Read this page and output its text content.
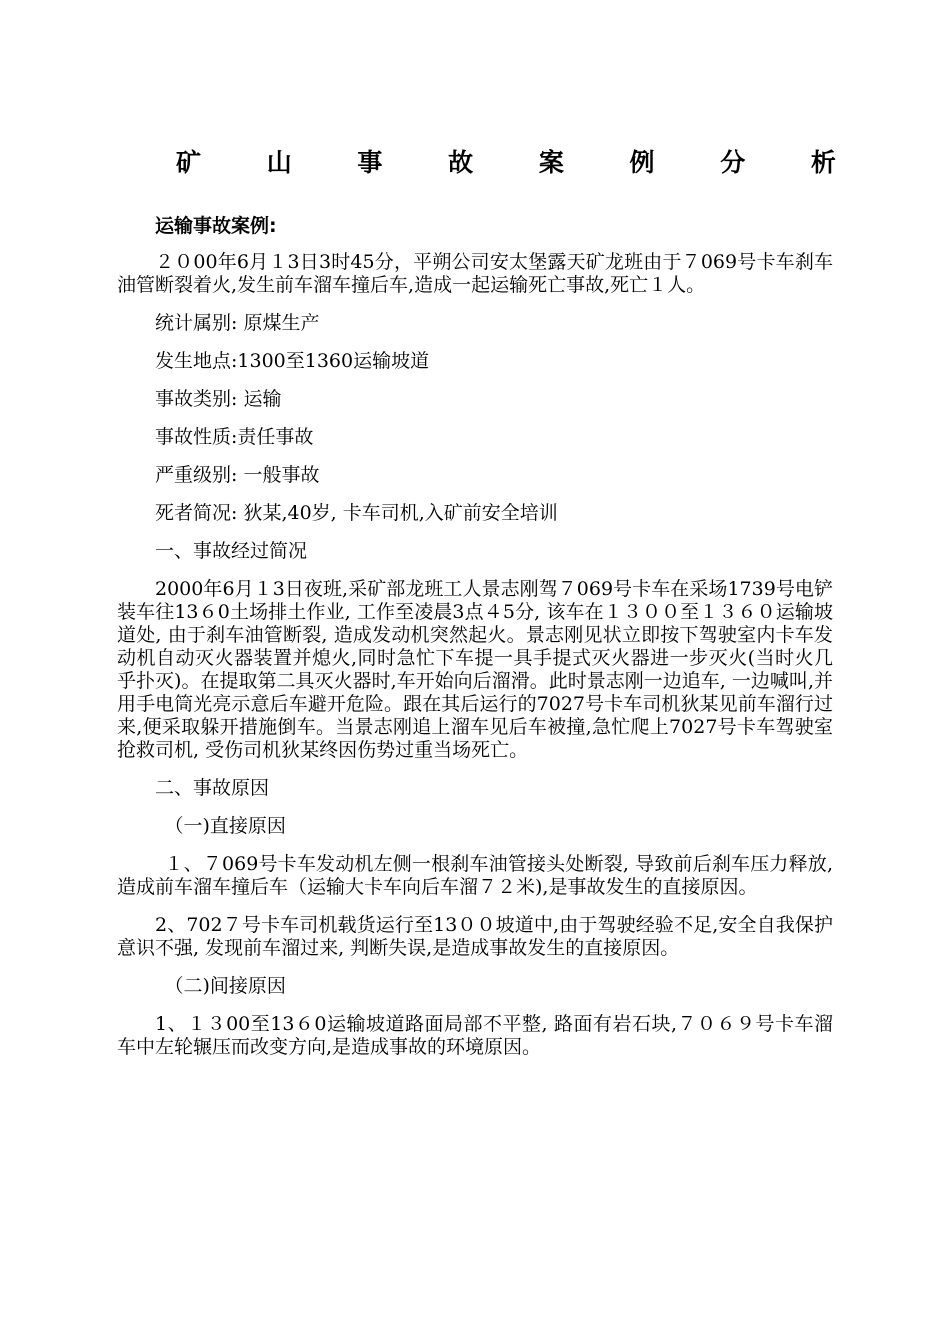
矿	山	事	故	案	例	分	析

运输事故案例:

２０00年6月１3日3时45分，平朔公司安太堡露天矿龙班由于７069号卡车刹车油管断裂着火,发生前车溜车撞后车,造成一起运输死亡事故,死亡１人。

统计属别: 原煤生产

发生地点:1300至1360运输坡道

事故类别: 运输

事故性质:责任事故

严重级别: 一般事故

死者简况: 狄某,40岁, 卡车司机,入矿前安全培训

一、事故经过简况

2000年6月１3日夜班,采矿部龙班工人景志刚驾７069号卡车在采场1739号电铲装车往13６0土场排土作业, 工作至凌晨3点４5分, 该车在１３００至１３６０运输坡道处, 由于刹车油管断裂, 造成发动机突然起火。景志刚见状立即按下驾驶室内卡车发动机自动灭火器装置并熄火,同时急忙下车提一具手提式灭火器进一步灭火(当时火几乎扑灭)。在提取第二具灭火器时,车开始向后溜滑。此时景志刚一边追车, 一边喊叫,并用手电筒光亮示意后车避开危险。跟在其后运行的7027号卡车司机狄某见前车溜行过来,便采取躲开措施倒车。当景志刚追上溜车见后车被撞,急忙爬上7027号卡车驾驶室抢救司机, 受伤司机狄某终因伤势过重当场死亡。

二、事故原因

（一)直接原因

１、７069号卡车发动机左侧一根刹车油管接头处断裂, 导致前后刹车压力释放, 造成前车溜车撞后车（运输大卡车向后车溜７２米),是事故发生的直接原因。

2、702７号卡车司机载货运行至13００坡道中,由于驾驶经验不足,安全自我保护意识不强, 发现前车溜过来, 判断失误,是造成事故发生的直接原因。

（二)间接原因

1、１３00至13６0运输坡道路面局部不平整, 路面有岩石块,７０６９号卡车溜车中左轮辗压而改变方向,是造成事故的环境原因。
